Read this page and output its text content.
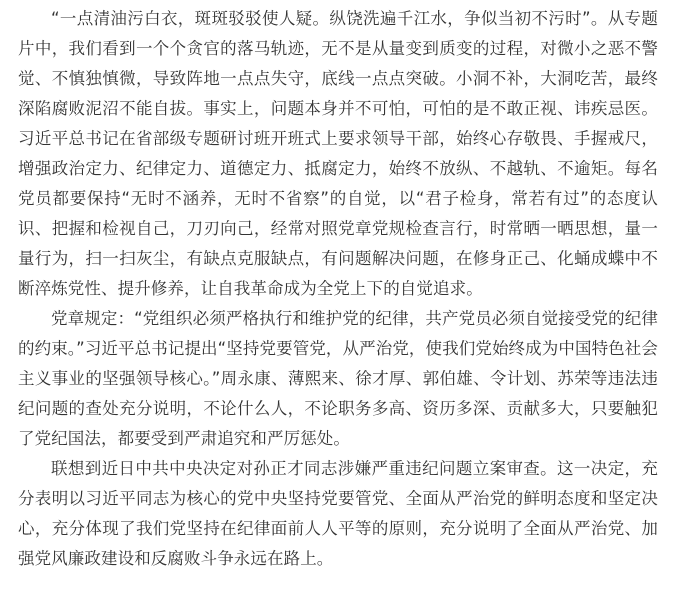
“一点清油污白衣，斑斑驳驳使人疑。纵饶洗遍千江水，争似当初不污时”。从专题片中，我们看到一个个贪官的落马轨迹，无不是从量变到质变的过程，对微小之恶不警觉、不慎独慎微，导致阵地一点点失守，底线一点点突破。小洞不补，大洞吃苦，最终深陷腐败泥沼不能自拔。事实上，问题本身并不可怕，可怕的是不敢正视、讳疾忌医。习近平总书记在省部级专题研讨班开班式上要求领导干部，始终心存敬畏、手握戒尺，增强政治定力、纪律定力、道德定力、抵腐定力，始终不放纵、不越轨、不逾矩。每名党员都要保持“无时不涵养，无时不省察”的自觉，以“君子检身，常若有过”的态度认识、把握和检视自己，刀刃向己，经常对照党章党规检查言行，时常晒一晒思想，量一量行为，扫一扫灰尘，有缺点克服缺点，有问题解决问题，在修身正己、化蛹成蝶中不断淬炼党性、提升修养，让自我革命成为全党上下的自觉追求。

党章规定：“党组织必须严格执行和维护党的纪律，共产党员必须自觉接受党的纪律的约束。”习近平总书记提出“坚持党要管党，从严治党，使我们党始终成为中国特色社会主义事业的坚强领导核心。”周永康、薄熙来、徐才厚、郭伯雄、令计划、苏荣等违法违纪问题的查处充分说明，不论什么人，不论职务多高、资历多深、贡献多大，只要触犯了党纪国法，都要受到严肃追究和严厉惩处。

联想到近日中共中央决定对孙正才同志涉嫌严重违纪问题立案审查。这一决定，充分表明以习近平同志为核心的党中央坚持党要管党、全面从严治党的鲜明态度和坚定决心，充分体现了我们党坚持在纪律面前人人平等的原则，充分说明了全面从严治党、加强党风廉政建设和反腐败斗争永远在路上。
